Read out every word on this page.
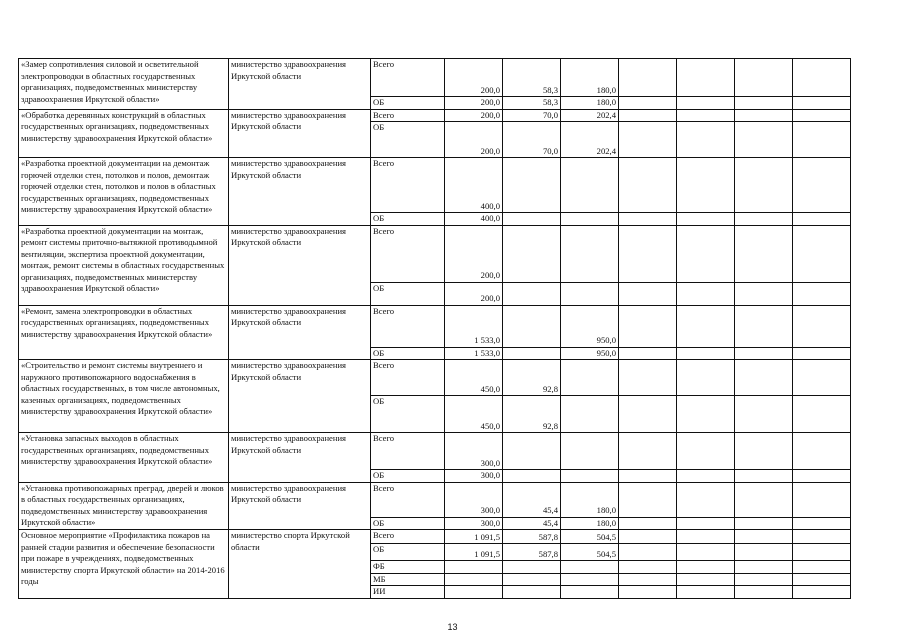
«Замер сопротивления силовой и осветительной электропроводки в областных государственных организациях, подведомственных министерству здравоохранения Иркутской области»	министерство здравоохранения Иркутской области	Всего	200,0	58,3	180,0				
		ОБ	200,0	58,3	180,0				
«Обработка деревянных конструкций в областных государственных организациях, подведомственных министерству здравоохранения Иркутской области»	министерство здравоохранения Иркутской области	Всего	200,0	70,0	202,4				
		ОБ	200,0	70,0	202,4				
«Разработка проектной документации на демонтаж горючей отделки стен, потолков и полов, демонтаж горючей отделки стен, потолков и полов в областных государственных организациях, подведомственных министерству здравоохранения Иркутской области»	министерство здравоохранения Иркутской области	Всего	400,0						
		ОБ	400,0						
«Разработка проектной документации на монтаж, ремонт системы приточно-вытяжной противодымной вентиляции, экспертиза проектной документации, монтаж, ремонт системы в областных государственных организациях, подведомственных министерству здравоохранения Иркутской области»	министерство здравоохранения Иркутской области	Всего	200,0						
		ОБ	200,0						
«Ремонт, замена электропроводки в областных государственных организациях, подведомственных министерству здравоохранения Иркутской области»	министерство здравоохранения Иркутской области	Всего	1 533,0		950,0				
		ОБ	1 533,0		950,0				
«Строительство и ремонт системы внутреннего и наружного противопожарного водоснабжения в областных государственных, в том числе автономных, казенных организациях, подведомственных министерству здравоохранения Иркутской области»	министерство здравоохранения Иркутской области	Всего	450,0	92,8					
		ОБ	450,0	92,8					
«Установка запасных выходов в областных государственных организациях, подведомственных министерству здравоохранения Иркутской области»	министерство здравоохранения Иркутской области	Всего	300,0						
		ОБ	300,0						
«Установка противопожарных преград, дверей и люков в областных государственных организациях, подведомственных министерству здравоохранения Иркутской области»	министерство здравоохранения Иркутской области	Всего	300,0	45,4	180,0				
		ОБ	300,0	45,4	180,0				
Основное мероприятие «Профилактика пожаров на ранней стадии развития и обеспечение безопасности при пожаре в учреждениях, подведомственных министерству спорта Иркутской области» на 2014-2016 годы	министерство спорта Иркутской области	Всего	1 091,5	587,8	504,5				
		ОБ	1 091,5	587,8	504,5				
		ФБ							
		МБ							
		ИИ							
13
